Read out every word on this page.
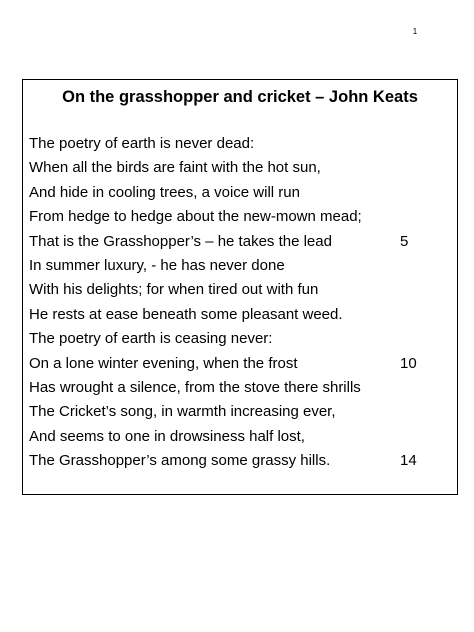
1
On the grasshopper and cricket – John Keats
The poetry of earth is never dead:
When all the birds are faint with the hot sun,
And hide in cooling trees, a voice will run
From hedge to hedge about the new-mown mead;
That is the Grasshopper’s – he takes the lead	5
In summer luxury, - he has never done
With his delights; for when tired out with fun
He rests at ease beneath some pleasant weed.
The poetry of earth is ceasing never:
On a lone winter evening, when the frost	10
Has wrought a silence, from the stove there shrills
The Cricket’s song, in warmth increasing ever,
And seems to one in drowsiness half lost,
The Grasshopper’s among some grassy hills.	14
